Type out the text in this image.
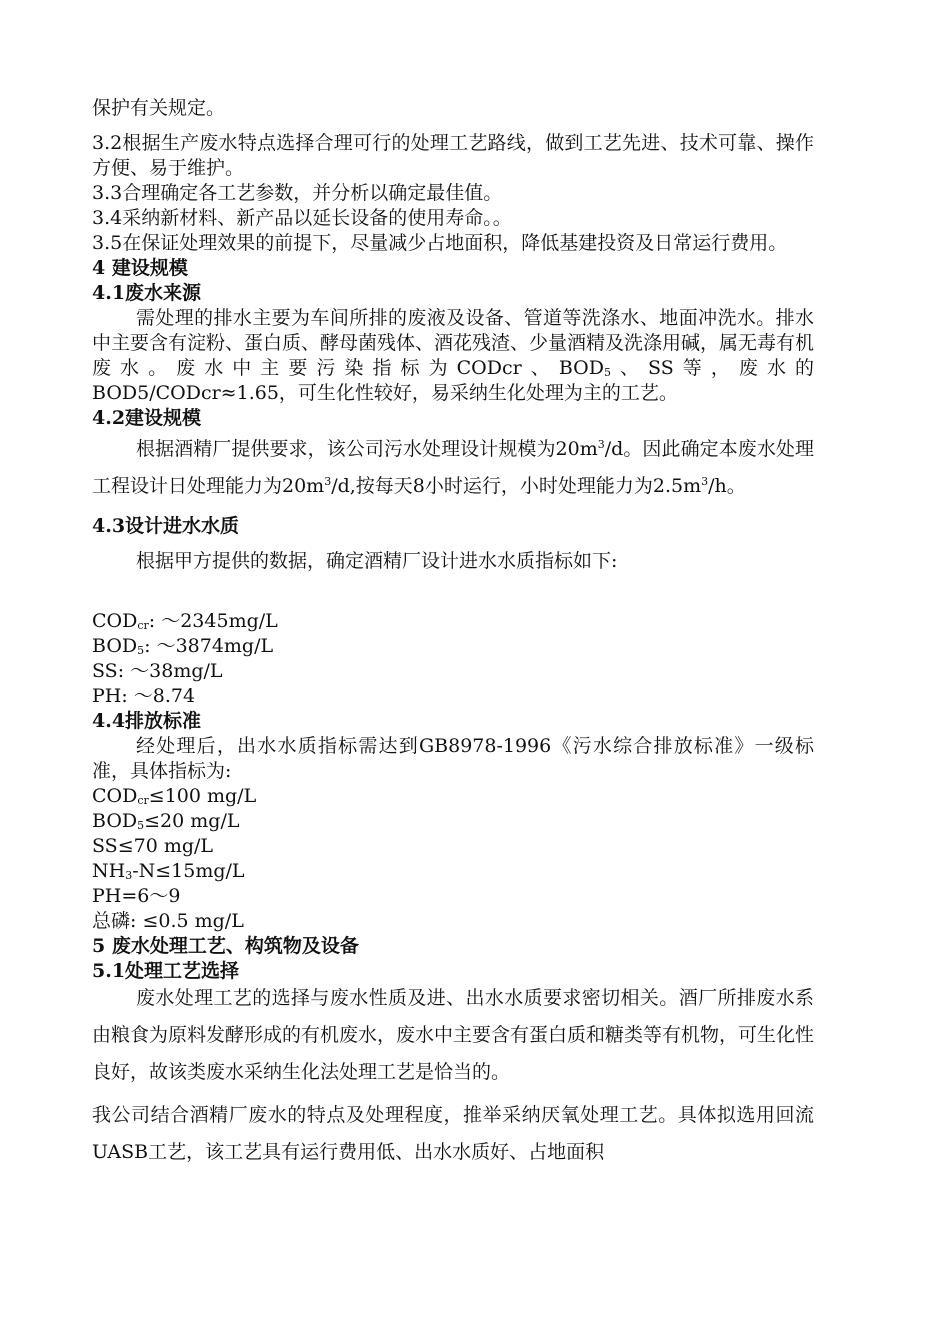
保护有关规定。

3.2根据生产废水特点选择合理可行的处理工艺路线，做到工艺先进、技术可靠、操作方便、易于维护。

3.3合理确定各工艺参数，并分析以确定最佳值。

3.4采纳新材料、新产品以延长设备的使用寿命。。

3.5在保证处理效果的前提下，尽量减少占地面积，降低基建投资及日常运行费用。

4 建设规模

4.1废水来源

需处理的排水主要为车间所排的废液及设备、管道等洗涤水、地面冲洗水。排水中主要含有淀粉、蛋白质、酵母菌残体、酒花残渣、少量酒精及洗涤用碱，属无毒有机废水。废水中主要污染指标为CODcr、$BOD_5$、SS等，废水的BOD5/CODcr≈1.65，可生化性较好，易采纳生化处理为主的工艺。

4.2建设规模

根据酒精厂提供要求，该公司污水处理设计规模为$20m^3/d$。因此确定本废水处理工程设计日处理能力为$20m^3/d$,按每天8小时运行，小时处理能力为$2.5m^3/h$。

4.3设计进水水质

根据甲方提供的数据，确定酒精厂设计进水水质指标如下:

$COD_{cr}$: ～2345mg/L

$BOD_5$: ～3874mg/L

SS: ～38mg/L

PH: ～8.74

4.4排放标准

经处理后，出水水质指标需达到GB8978-1996《污水综合排放标准》一级标准，具体指标为:

$COD_{cr}\le 100$ mg/L

$BOD_5\le 20$ mg/L

SS≤70 mg/L

$NH_3-N\le 15mg/L$

PH=6～9

总磷: ≤0.5 mg/L

5 废水处理工艺、构筑物及设备

5.1处理工艺选择

废水处理工艺的选择与废水性质及进、出水水质要求密切相关。酒厂所排废水系由粮食为原料发酵形成的有机废水，废水中主要含有蛋白质和糖类等有机物，可生化性良好，故该类废水采纳生化法处理工艺是恰当的。

我公司结合酒精厂废水的特点及处理程度，推举采纳厌氧处理工艺。具体拟选用回流UASB工艺，该工艺具有运行费用低、出水水质好、占地面积
